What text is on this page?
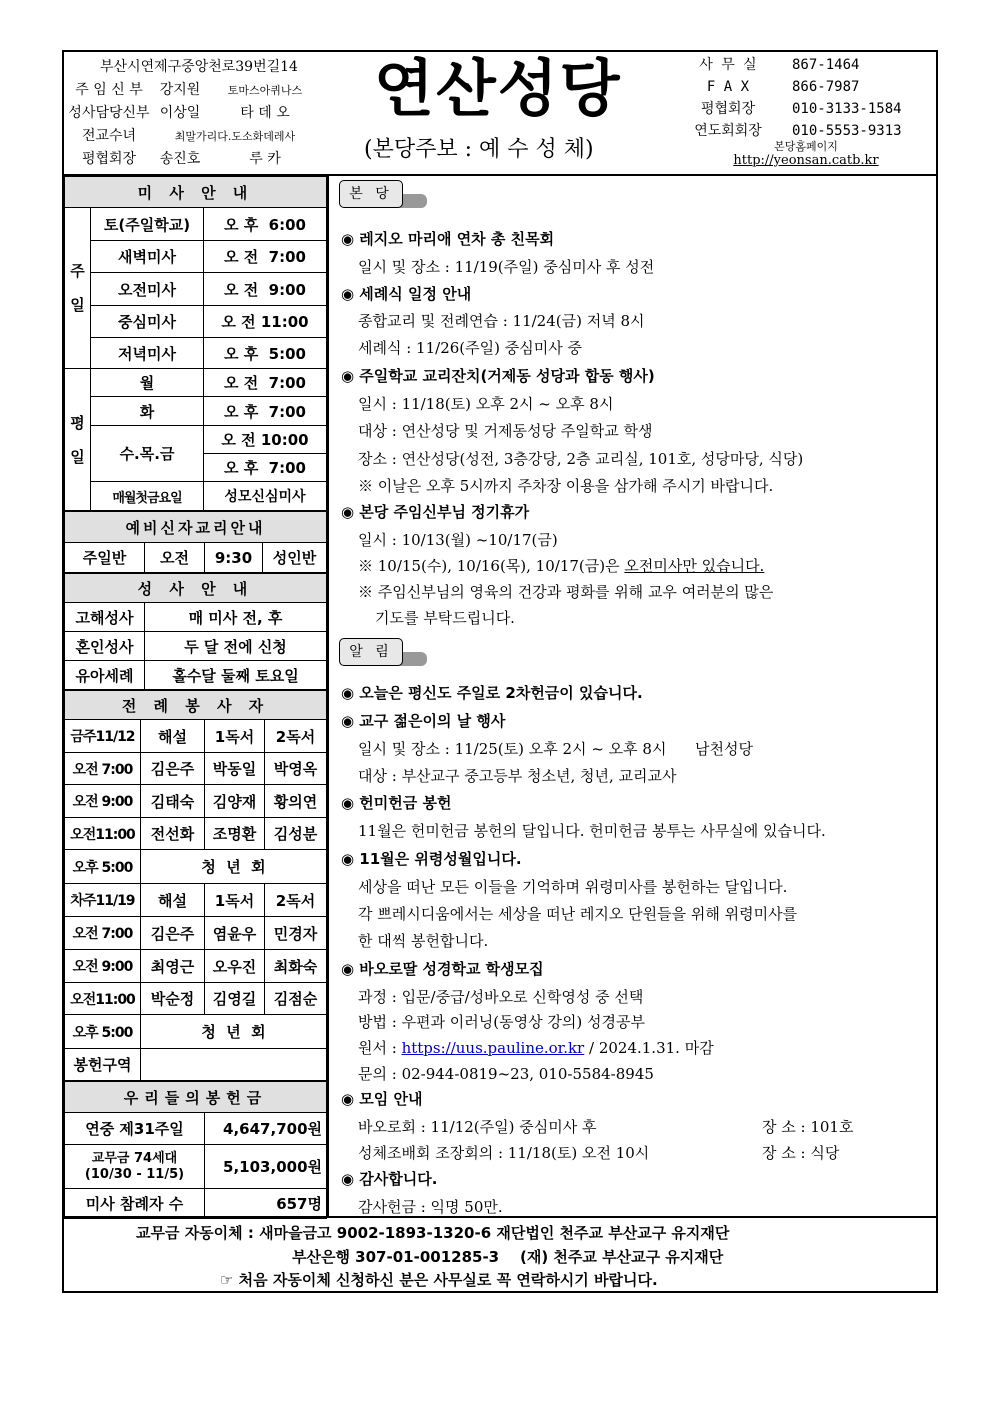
부산시연제구중앙천로39번길14
주 임 신 부 강지원	토마스아퀴나스
성사담당신부 이상일	타 데 오
전교수녀	최말가리다.도소화데레사
평협회장 송진호	루 카
연산성당
(본당주보 : 예 수 성 체)
사 무 실	867-1464
F A X	866-7987
평협회장	010-3133-1584
연도회회장	010-5553-9313
본당홈페이지
http://yeonsan.catb.kr
미 사 안 내		
주일	토(주일학교)	오 후  6:00
	새벽미사	오 전  7:00
	오전미사	오 전  9:00
	중심미사	오 전 11:00
	저녁미사	오 후  5:00
평일	월	오 전  7:00
	화	오 후  7:00
	수.목.금	오 전 10:00
		오 후  7:00
	매월첫금요일	성모신심미사
예비신자교리안내
주일반	오전	9:30	성인반
성 사 안 내	
고해성사	매 미사 전, 후
혼인성사	두 달 전에 신청
유아세례	홀수달 둘째 토요일
전 례 봉 사 자			
금주11/12	해설	1독서	2독서
오전 7:00	김은주	박동일	박영옥
오전 9:00	김태숙	김양재	황의연
오전11:00	전선화	조명환	김성분
오후 5:00	청  년  회		
차주11/19	해설	1독서	2독서
오전 7:00	김은주	염윤우	민경자
오전 9:00	최영근	오우진	최화숙
오전11:00	박순정	김영길	김점순
오후 5:00	청  년  회		
봉헌구역			
우리들의봉헌금	
연중 제31주일	4,647,700원

교무금 74세대
(10/30 - 11/5)	5,103,000원
미사 참례자 수	657명
본 당
◉ 레지오 마리애 연차 총 친목회
일시 및 장소 : 11/19(주일) 중심미사 후 성전
◉ 세례식 일정 안내
종합교리 및 전례연습 : 11/24(금) 저녁 8시
세례식 : 11/26(주일) 중심미사 중
◉ 주일학교 교리잔치(거제동 성당과 합동 행사)
일시 : 11/18(토) 오후 2시 ~ 오후 8시
대상 : 연산성당 및 거제동성당 주일학교 학생
장소 : 연산성당(성전, 3층강당, 2층 교리실, 101호, 성당마당, 식당)
※ 이날은 오후 5시까지 주차장 이용을 삼가해 주시기 바랍니다.
◉ 본당 주임신부님 정기휴가
일시 : 10/13(월) ~10/17(금)
※ 10/15(수), 10/16(목), 10/17(금)은 오전미사만 있습니다.
※ 주임신부님의 영육의 건강과 평화를 위해 교우 여러분의 많은
기도를 부탁드립니다.
알 림
◉ 오늘은 평신도 주일로 2차헌금이 있습니다.
◉ 교구 젊은이의 날 행사
일시 및 장소 : 11/25(토) 오후 2시 ~ 오후 8시      남천성당
대상 : 부산교구 중고등부 청소년, 청년, 교리교사
◉ 헌미헌금 봉헌
11월은 헌미헌금 봉헌의 달입니다. 헌미헌금 봉투는 사무실에 있습니다.
◉ 11월은 위령성월입니다.
세상을 떠난 모든 이들을 기억하며 위령미사를 봉헌하는 달입니다.
각 쁘레시디움에서는 세상을 떠난 레지오 단원들을 위해 위령미사를
한 대씩 봉헌합니다.
◉ 바오로딸 성경학교 학생모집
과정 : 입문/중급/성바오로 신학영성 중 선택
방법 : 우편과 이러닝(동영상 강의) 성경공부
원서 : https://uus.pauline.or.kr / 2024.1.31. 마감
문의 : 02-944-0819~23, 010-5584-8945
◉ 모임 안내
바오로회 : 11/12(주일) 중심미사 후	장 소 : 101호
성체조배회 조장회의 : 11/18(토) 오전 10시	장 소 : 식당
◉ 감사합니다.
감사헌금 : 익명 50만.
교무금 자동이체 : 새마을금고 9002-1893-1320-6 재단법인 천주교 부산교구 유지재단
부산은행 307-01-001285-3    (재) 천주교 부산교구 유지재단
☞ 처음 자동이체 신청하신 분은 사무실로 꼭 연락하시기 바랍니다.
